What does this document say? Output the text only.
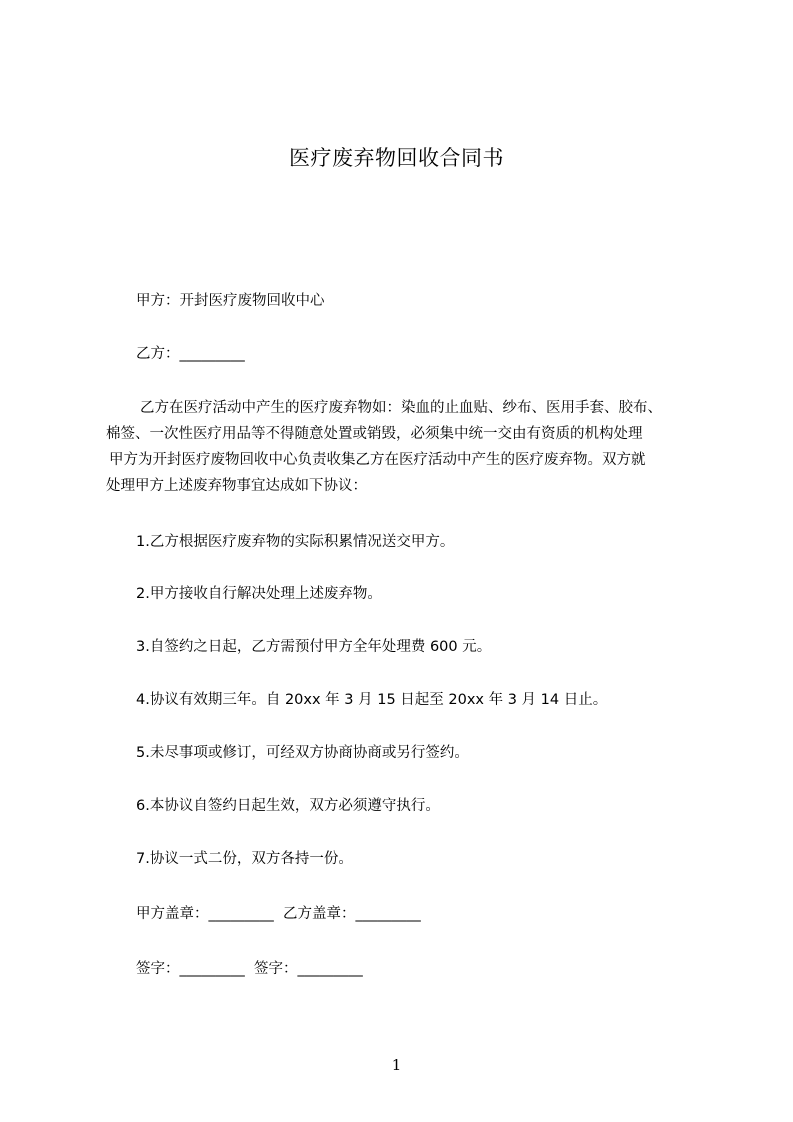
医疗废弃物回收合同书
甲方：开封医疗废物回收中心
乙方：_________
乙方在医疗活动中产生的医疗废弃物如：染血的止血贴、纱布、医用手套、胶布、
棉签、一次性医疗用品等不得随意处置或销毁，必须集中统一交由有资质的机构处理
甲方为开封医疗废物回收中心负责收集乙方在医疗活动中产生的医疗废弃物。双方就
处理甲方上述废弃物事宜达成如下协议：
1.乙方根据医疗废弃物的实际积累情况送交甲方。
2.甲方接收自行解决处理上述废弃物。
3.自签约之日起，乙方需预付甲方全年处理费 600 元。
4.协议有效期三年。自 20xx 年 3 月 15 日起至 20xx 年 3 月 14 日止。
5.未尽事项或修订，可经双方协商协商或另行签约。
6.本协议自签约日起生效，双方必须遵守执行。
7.协议一式二份，双方各持一份。
甲方盖章：_________  乙方盖章：_________
签字：_________  签字：_________
1
